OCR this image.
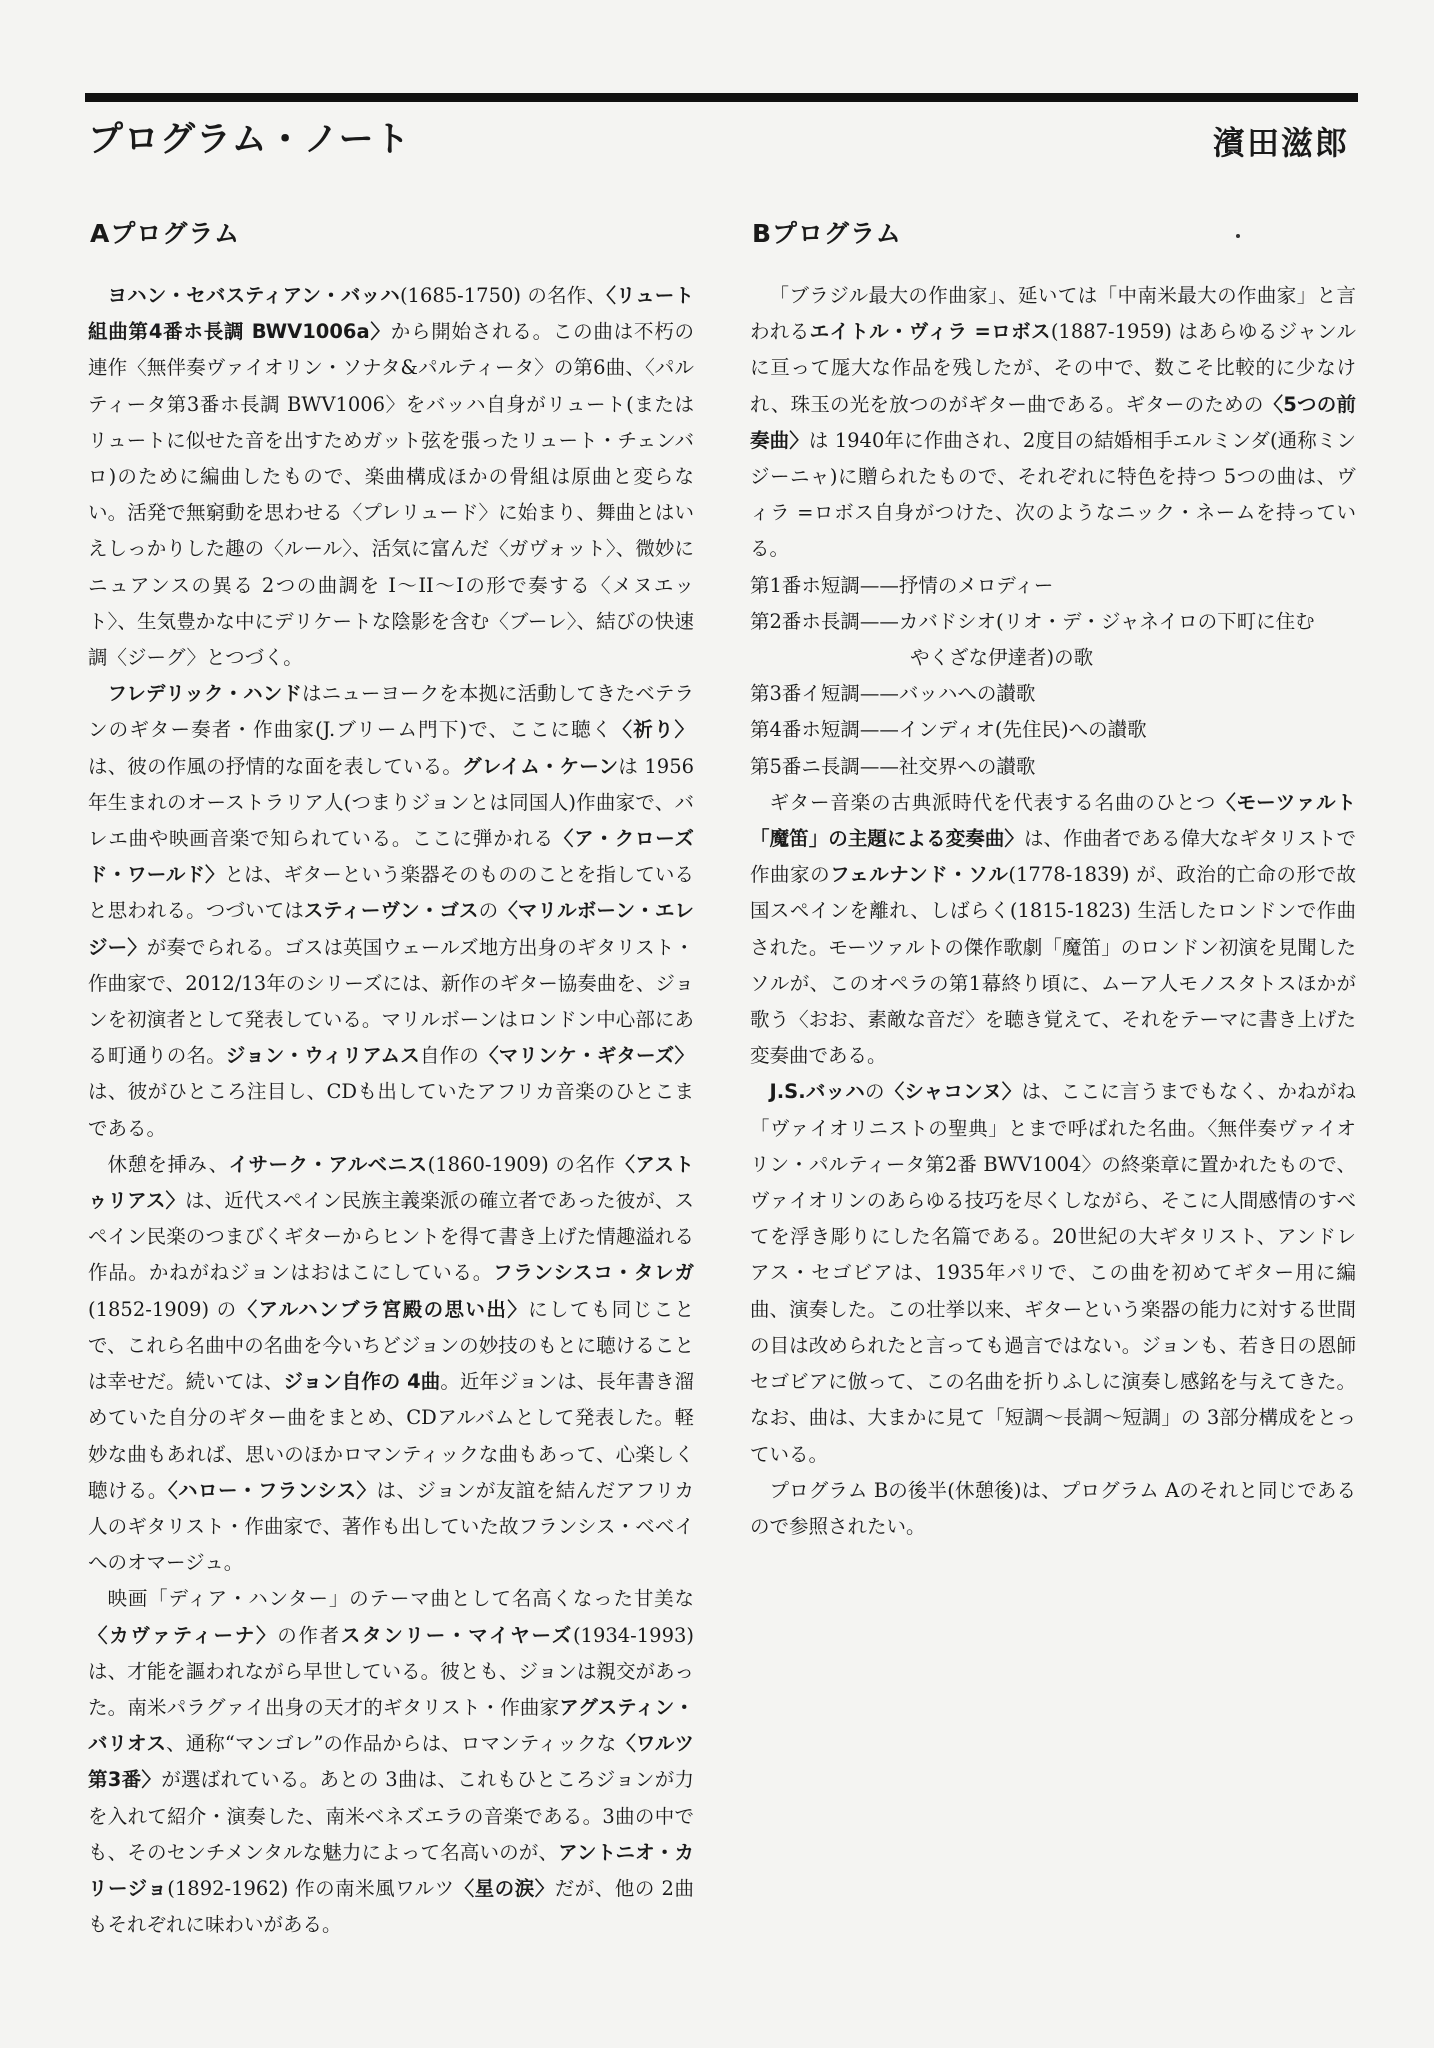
プログラム・ノート	濱田滋郎
Aプログラム

ヨハン・セバスティアン・バッハ(1685-1750) の名作、〈リュート組曲第4番ホ長調 BWV1006a〉から開始される。この曲は不朽の連作〈無伴奏ヴァイオリン・ソナタ&パルティータ〉の第6曲、〈パルティータ第3番ホ長調 BWV1006〉をバッハ自身がリュート(またはリュートに似せた音を出すためガット弦を張ったリュート・チェンバロ)のために編曲したもので、楽曲構成ほかの骨組は原曲と変らない。活発で無窮動を思わせる〈プレリュード〉に始まり、舞曲とはいえしっかりした趣の〈ルール〉、活気に富んだ〈ガヴォット〉、微妙にニュアンスの異る 2つの曲調を I〜II〜Iの形で奏する〈メヌエット〉、生気豊かな中にデリケートな陰影を含む〈ブーレ〉、結びの快速調〈ジーグ〉とつづく。

フレデリック・ハンドはニューヨークを本拠に活動してきたベテランのギター奏者・作曲家(J.ブリーム門下)で、ここに聴く〈祈り〉は、彼の作風の抒情的な面を表している。グレイム・ケーンは 1956年生まれのオーストラリア人(つまりジョンとは同国人)作曲家で、バレエ曲や映画音楽で知られている。ここに弾かれる〈ア・クローズド・ワールド〉とは、ギターという楽器そのもののことを指していると思われる。つづいてはスティーヴン・ゴスの〈マリルボーン・エレジー〉が奏でられる。ゴスは英国ウェールズ地方出身のギタリスト・作曲家で、2012/13年のシリーズには、新作のギター協奏曲を、ジョンを初演者として発表している。マリルボーンはロンドン中心部にある町通りの名。ジョン・ウィリアムス自作の〈マリンケ・ギターズ〉は、彼がひところ注目し、CDも出していたアフリカ音楽のひとこまである。

休憩を挿み、イサーク・アルベニス(1860-1909) の名作〈アストゥリアス〉は、近代スペイン民族主義楽派の確立者であった彼が、スペイン民楽のつまびくギターからヒントを得て書き上げた情趣溢れる作品。かねがねジョンはおはこにしている。フランシスコ・タレガ(1852-1909) の〈アルハンブラ宮殿の思い出〉にしても同じことで、これら名曲中の名曲を今いちどジョンの妙技のもとに聴けることは幸せだ。続いては、ジョン自作の 4曲。近年ジョンは、長年書き溜めていた自分のギター曲をまとめ、CDアルバムとして発表した。軽妙な曲もあれば、思いのほかロマンティックな曲もあって、心楽しく聴ける。〈ハロー・フランシス〉は、ジョンが友誼を結んだアフリカ人のギタリスト・作曲家で、著作も出していた故フランシス・ベベイへのオマージュ。

映画「ディア・ハンター」のテーマ曲として名高くなった甘美な〈カヴァティーナ〉の作者スタンリー・マイヤーズ(1934-1993) は、才能を謳われながら早世している。彼とも、ジョンは親交があった。南米パラグァイ出身の天才的ギタリスト・作曲家アグスティン・バリオス、通称“マンゴレ”の作品からは、ロマンティックな〈ワルツ第3番〉が選ばれている。あとの 3曲は、これもひところジョンが力を入れて紹介・演奏した、南米ベネズエラの音楽である。3曲の中でも、そのセンチメンタルな魅力によって名高いのが、アントニオ・カリージョ(1892-1962) 作の南米風ワルツ〈星の涙〉だが、他の 2曲もそれぞれに味わいがある。

Bプログラム

「ブラジル最大の作曲家」、延いては「中南米最大の作曲家」と言われるエイトル・ヴィラ =ロボス(1887-1959) はあらゆるジャンルに亘って厖大な作品を残したが、その中で、数こそ比較的に少なけれ、珠玉の光を放つのがギター曲である。ギターのための〈5つの前奏曲〉は 1940年に作曲され、2度目の結婚相手エルミンダ(通称ミンジーニャ)に贈られたもので、それぞれに特色を持つ 5つの曲は、ヴィラ =ロボス自身がつけた、次のようなニック・ネームを持っている。

第1番ホ短調——抒情のメロディー
第2番ホ長調——カバドシオ(リオ・デ・ジャネイロの下町に住む
やくざな伊達者)の歌
第3番イ短調——バッハへの讃歌
第4番ホ短調——インディオ(先住民)への讃歌
第5番ニ長調——社交界への讃歌

ギター音楽の古典派時代を代表する名曲のひとつ〈モーツァルト「魔笛」の主題による変奏曲〉は、作曲者である偉大なギタリストで作曲家のフェルナンド・ソル(1778-1839) が、政治的亡命の形で故国スペインを離れ、しばらく(1815-1823) 生活したロンドンで作曲された。モーツァルトの傑作歌劇「魔笛」のロンドン初演を見聞したソルが、このオペラの第1幕終り頃に、ムーア人モノスタトスほかが歌う〈おお、素敵な音だ〉を聴き覚えて、それをテーマに書き上げた変奏曲である。

J.S.バッハの〈シャコンヌ〉は、ここに言うまでもなく、かねがね「ヴァイオリニストの聖典」とまで呼ばれた名曲。〈無伴奏ヴァイオリン・パルティータ第2番 BWV1004〉の終楽章に置かれたもので、ヴァイオリンのあらゆる技巧を尽くしながら、そこに人間感情のすべてを浮き彫りにした名篇である。20世紀の大ギタリスト、アンドレアス・セゴビアは、1935年パリで、この曲を初めてギター用に編曲、演奏した。この壮挙以来、ギターという楽器の能力に対する世間の目は改められたと言っても過言ではない。ジョンも、若き日の恩師セゴビアに倣って、この名曲を折りふしに演奏し感銘を与えてきた。なお、曲は、大まかに見て「短調〜長調〜短調」の 3部分構成をとっている。

プログラム Bの後半(休憩後)は、プログラム Aのそれと同じであるので参照されたい。
